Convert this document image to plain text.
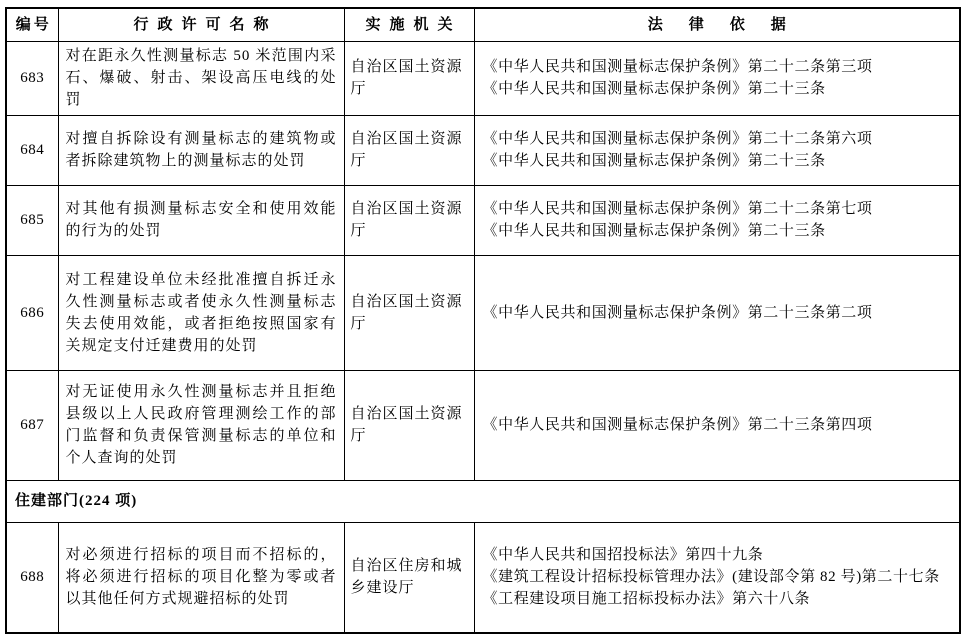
编号	行政许可名称	实施机关	法律依据
683	对在距永久性测量标志 50 米范围内采石、爆破、射击、架设高压电线的处罚	自治区国土资源厅	《中华人民共和国测量标志保护条例》第二十二条第三项
《中华人民共和国测量标志保护条例》第二十三条

684	对擅自拆除设有测量标志的建筑物或者拆除建筑物上的测量标志的处罚	自治区国土资源厅	《中华人民共和国测量标志保护条例》第二十二条第六项
《中华人民共和国测量标志保护条例》第二十三条

685	对其他有损测量标志安全和使用效能的行为的处罚	自治区国土资源厅	《中华人民共和国测量标志保护条例》第二十二条第七项
《中华人民共和国测量标志保护条例》第二十三条

686	对工程建设单位未经批准擅自拆迁永久性测量标志或者使永久性测量标志失去使用效能，或者拒绝按照国家有关规定支付迁建费用的处罚	自治区国土资源厅	《中华人民共和国测量标志保护条例》第二十三条第二项

687	对无证使用永久性测量标志并且拒绝县级以上人民政府管理测绘工作的部门监督和负责保管测量标志的单位和个人查询的处罚	自治区国土资源厅	《中华人民共和国测量标志保护条例》第二十三条第四项

住建部门(224 项)			
688	对必须进行招标的项目而不招标的，将必须进行招标的项目化整为零或者以其他任何方式规避招标的处罚	自治区住房和城乡建设厅	《中华人民共和国招投标法》第四十九条
《建筑工程设计招标投标管理办法》(建设部令第 82 号)第二十七条
《工程建设项目施工招标投标办法》第六十八条
